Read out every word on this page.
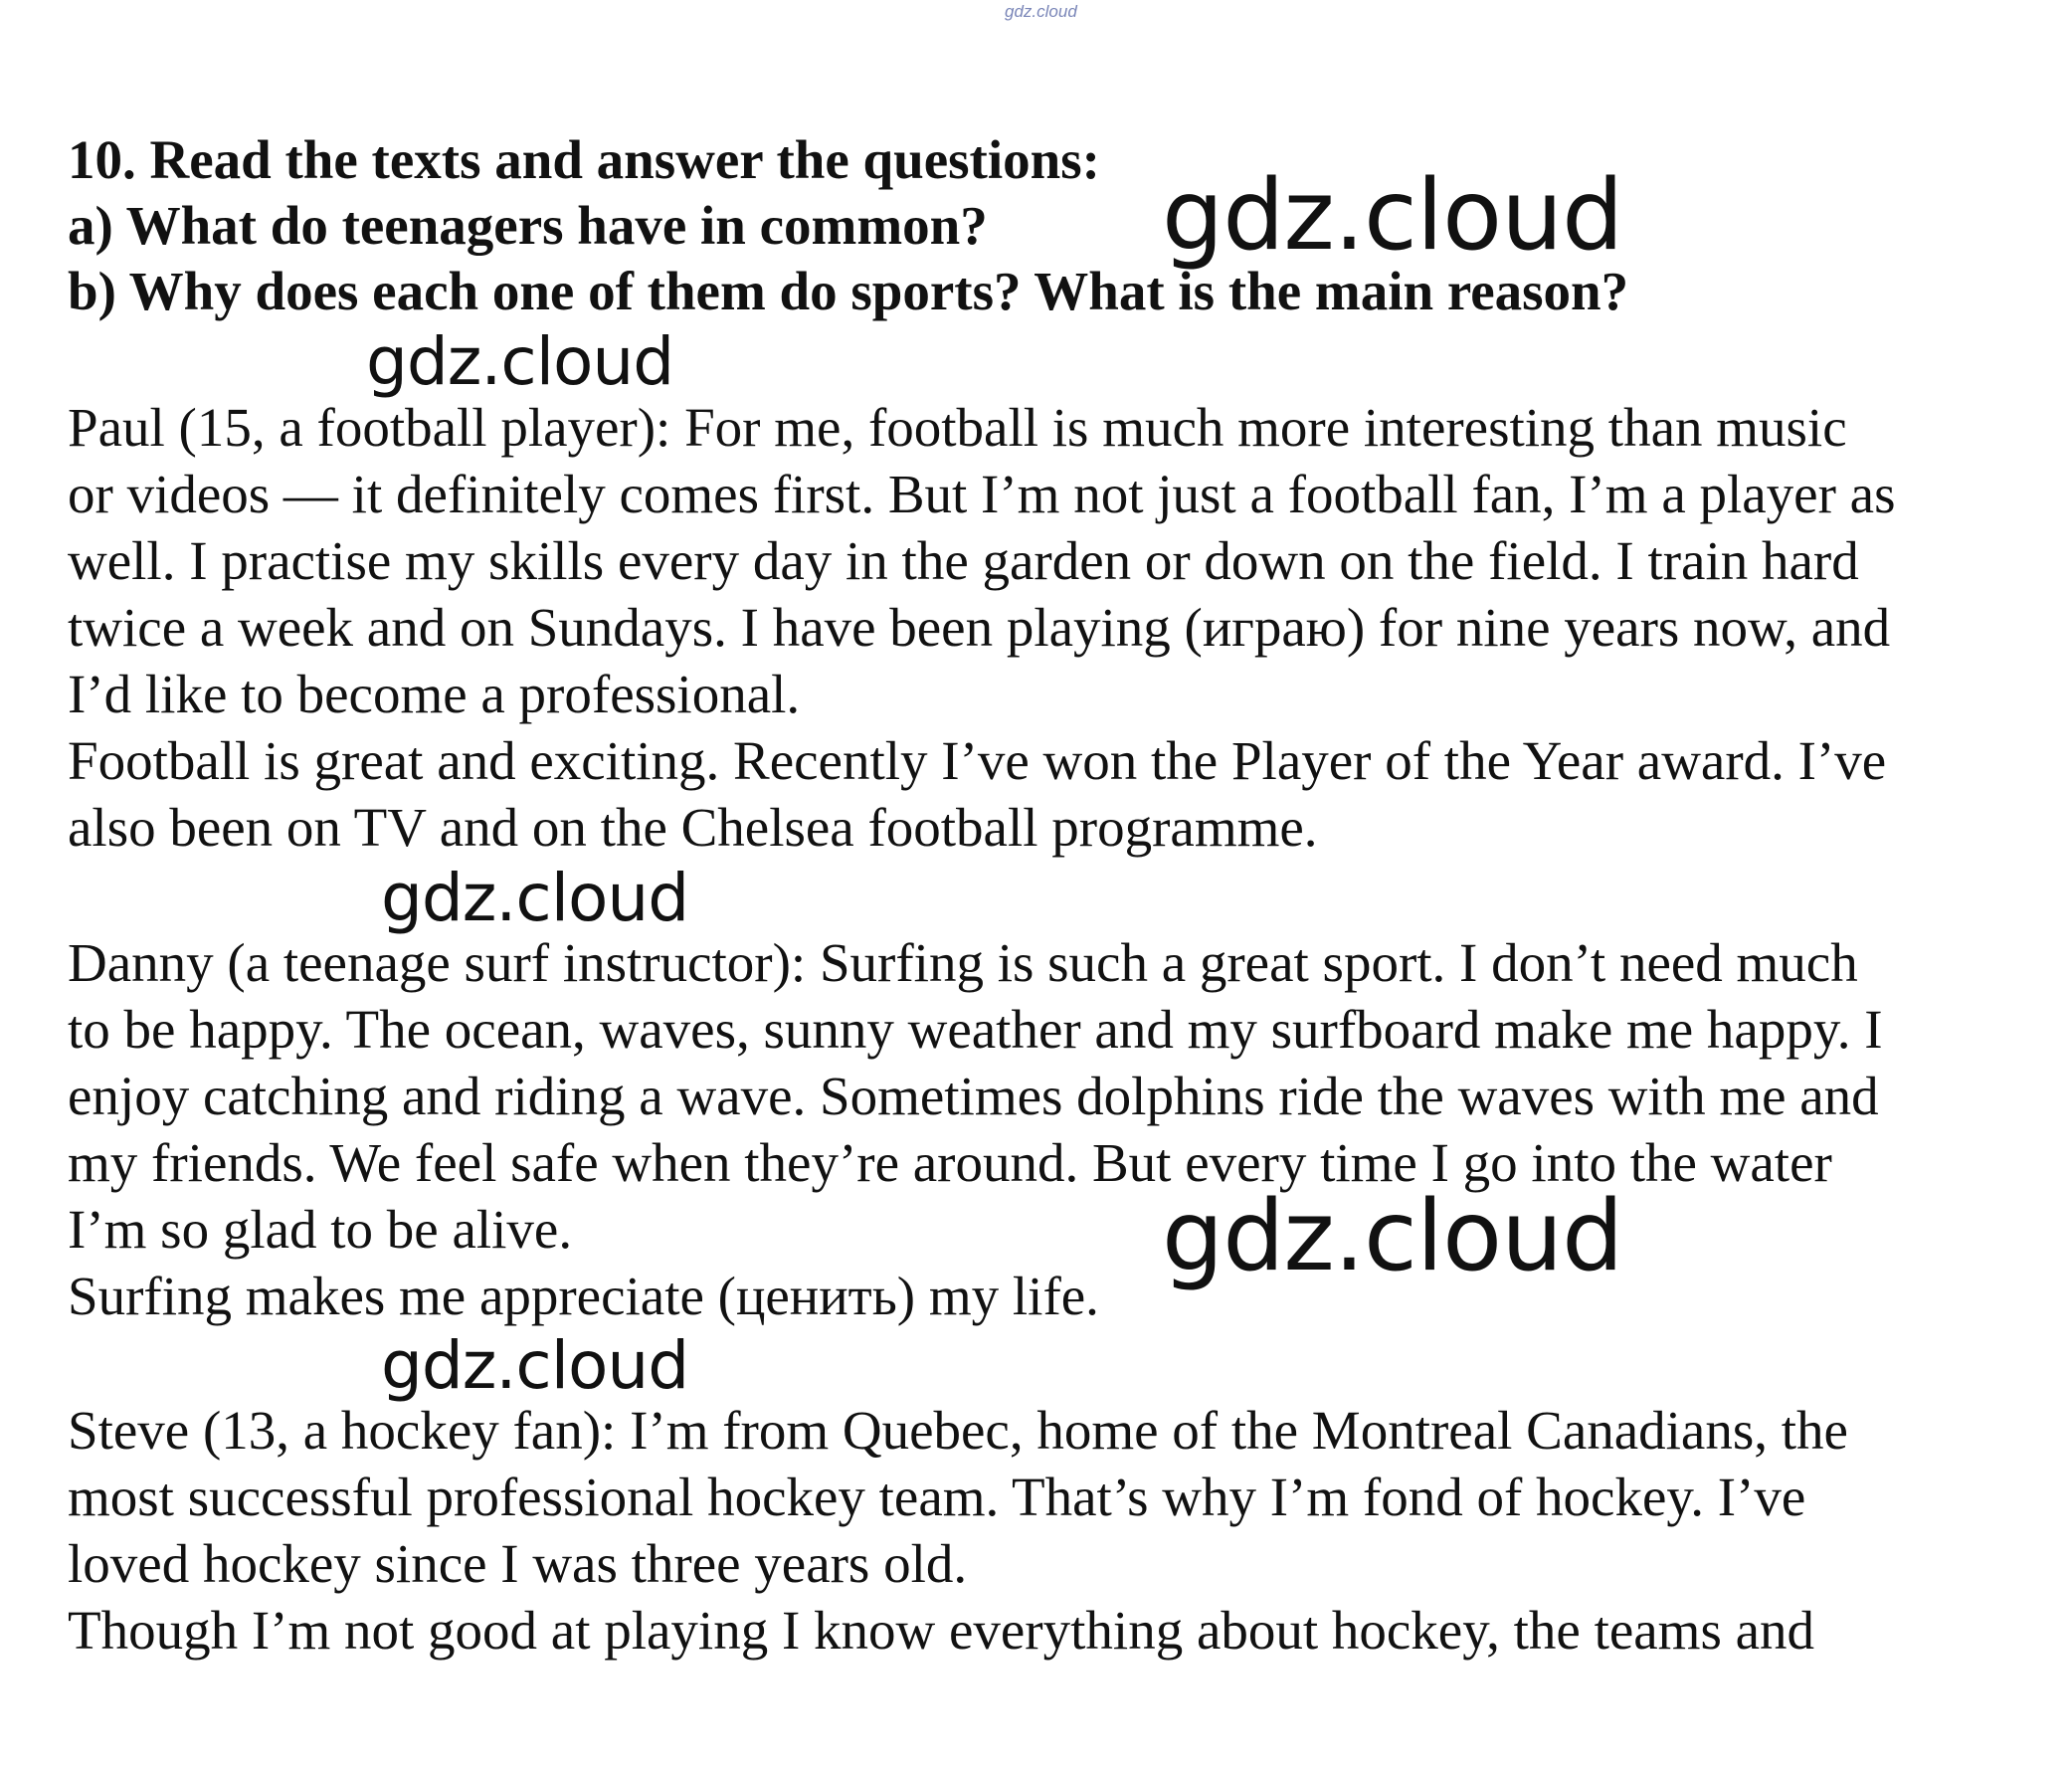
gdz.cloud
10. Read the texts and answer the questions:
a) What do teenagers have in common?
b) Why does each one of them do sports? What is the main reason?
Paul (15, a football player): For me, football is much more interesting than music
or videos — it definitely comes first. But I’m not just a football fan, I’m a player as
well. I practise my skills every day in the garden or down on the field. I train hard
twice a week and on Sundays. I have been playing (играю) for nine years now, and
I’d like to become a professional.
Football is great and exciting. Recently I’ve won the Player of the Year award. I’ve
also been on TV and on the Chelsea football programme.
Danny (a teenage surf instructor): Surfing is such a great sport. I don’t need much
to be happy. The ocean, waves, sunny weather and my surfboard make me happy. I
enjoy catching and riding a wave. Sometimes dolphins ride the waves with me and
my friends. We feel safe when they’re around. But every time I go into the water
I’m so glad to be alive.
Surfing makes me appreciate (ценить) my life.
Steve (13, a hockey fan): I’m from Quebec, home of the Montreal Canadians, the
most successful professional hockey team. That’s why I’m fond of hockey. I’ve
loved hockey since I was three years old.
Though I’m not good at playing I know everything about hockey, the teams and
gdz.cloud
gdz.cloud
gdz.cloud
gdz.cloud
gdz.cloud
